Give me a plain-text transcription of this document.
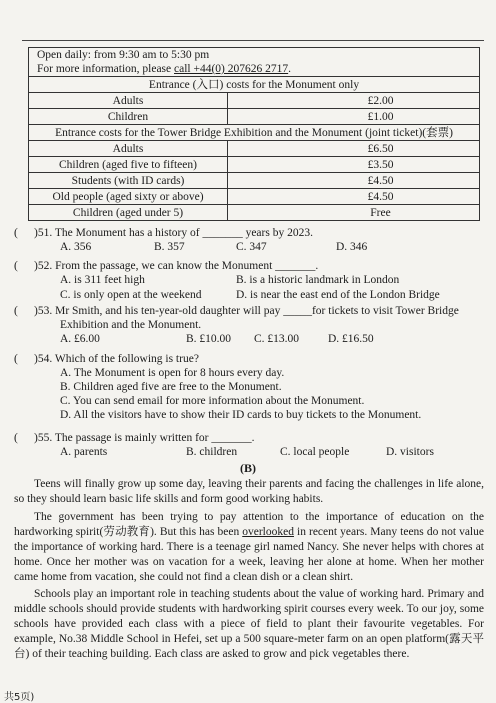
Open daily: from 9:30 am to 5:30 pm
For more information, please call +44(0) 207626 2717.	
Entrance (入口) costs for the Monument only	
Adults	£2.00
Children	£1.00
Entrance costs for the Tower Bridge Exhibition and the Monument (joint ticket)(套票)	
Adults	£6.50
Children (aged five to fifteen)	£3.50
Students (with ID cards)	£4.50
Old people (aged sixty or above)	£4.50
Children (aged under 5)	Free
( )51. The Monument has a history of _______ years by 2023.
A. 356	B. 357	C. 347	D. 346
( )52. From the passage, we can know the Monument _______.
A. is 311 feet high	B. is a historic landmark in London
C. is only open at the weekend	D. is near the east end of the London Bridge
( )53. Mr Smith, and his ten-year-old daughter will pay _____for tickets to visit Tower Bridge
Exhibition and the Monument.
A. £6.00	B. £10.00 C. £13.00	D. £16.50
( )54. Which of the following is true?
A. The Monument is open for 8 hours every day.
B. Children aged five are free to the Monument.
C. You can send email for more information about the Monument.
D. All the visitors have to show their ID cards to buy tickets to the Monument.
( )55. The passage is mainly written for _______.
A. parents	B. children	C. local people	D. visitors
(B)
Teens will finally grow up some day, leaving their parents and facing the challenges in life alone, so they should learn basic life skills and form good working habits.
The government has been trying to pay attention to the importance of education on the hardworking spirit(劳动教育). But this has been overlooked in recent years. Many teens do not value the importance of working hard. There is a teenage girl named Nancy. She never helps with chores at home. Once her mother was on vacation for a week, leaving her alone at home. When her mother came home from vacation, she could not find a clean dish or a clean shirt.
Schools play an important role in teaching students about the value of working hard. Primary and middle schools should provide students with hardworking spirit courses every week. To our joy, some schools have provided each class with a piece of field to plant their favourite vegetables. For example, No.38 Middle School in Hefei, set up a 500 square-meter farm on an open platform(露天平台) of their teaching building. Each class are asked to grow and pick vegetables there.
共5页)
